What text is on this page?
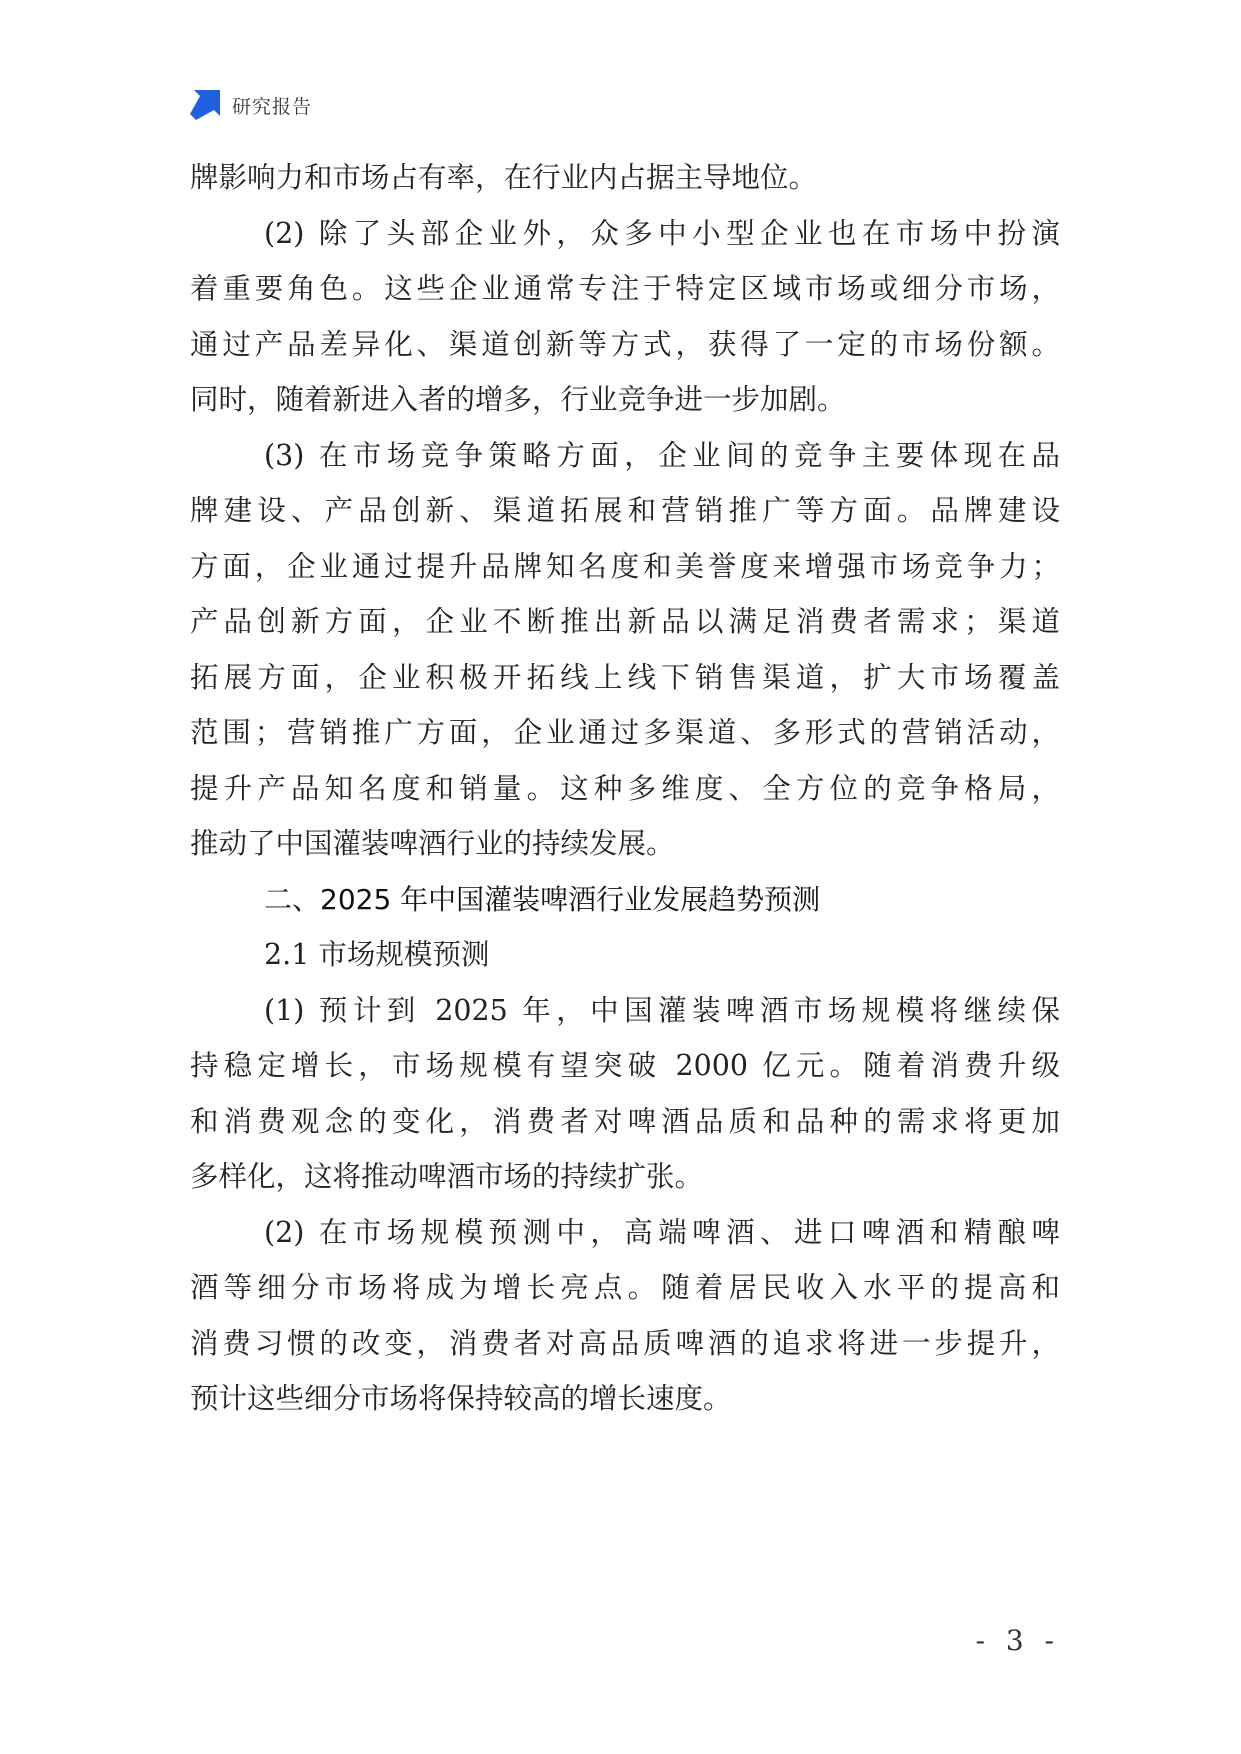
研究报告
牌影响力和市场占有率，在行业内占据主导地位。
(2) 除了头部企业外，众多中小型企业也在市场中扮演
着重要角色。这些企业通常专注于特定区域市场或细分市场，
通过产品差异化、渠道创新等方式，获得了一定的市场份额。
同时，随着新进入者的增多，行业竞争进一步加剧。
(3) 在市场竞争策略方面，企业间的竞争主要体现在品
牌建设、产品创新、渠道拓展和营销推广等方面。品牌建设
方面，企业通过提升品牌知名度和美誉度来增强市场竞争力；
产品创新方面，企业不断推出新品以满足消费者需求；渠道
拓展方面，企业积极开拓线上线下销售渠道，扩大市场覆盖
范围；营销推广方面，企业通过多渠道、多形式的营销活动，
提升产品知名度和销量。这种多维度、全方位的竞争格局，
推动了中国灌装啤酒行业的持续发展。
二、2025 年中国灌装啤酒行业发展趋势预测
2.1 市场规模预测
(1) 预计到 2025 年，中国灌装啤酒市场规模将继续保
持稳定增长，市场规模有望突破 2000 亿元。随着消费升级
和消费观念的变化，消费者对啤酒品质和品种的需求将更加
多样化，这将推动啤酒市场的持续扩张。
(2) 在市场规模预测中，高端啤酒、进口啤酒和精酿啤
酒等细分市场将成为增长亮点。随着居民收入水平的提高和
消费习惯的改变，消费者对高品质啤酒的追求将进一步提升，
预计这些细分市场将保持较高的增长速度。
- 3 -
